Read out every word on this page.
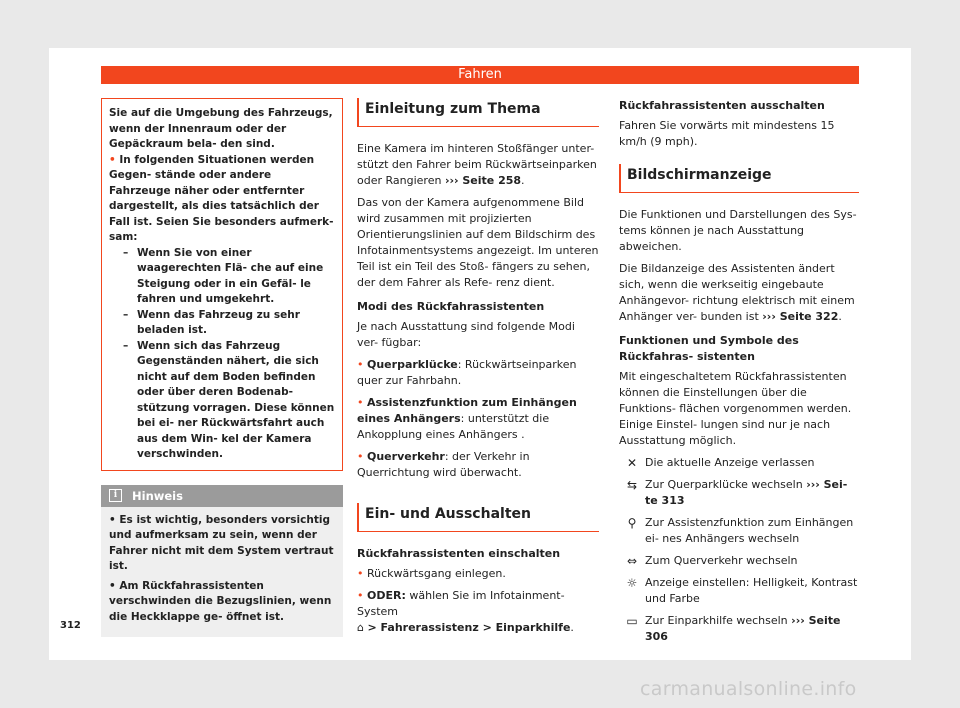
Fahren

Sie auf die Umgebung des Fahrzeugs, wenn der Innenraum oder der Gepäckraum bela- den sind.

• In folgenden Situationen werden Gegen- stände oder andere Fahrzeuge näher oder entfernter dargestellt, als dies tatsächlich der Fall ist. Seien Sie besonders aufmerk- sam:

– Wenn Sie von einer waagerechten Flä- che auf eine Steigung oder in ein Gefäl- le fahren und umgekehrt.
– Wenn das Fahrzeug zu sehr beladen ist.
– Wenn sich das Fahrzeug Gegenständen nähert, die sich nicht auf dem Boden befinden oder über deren Bodenab- stützung vorragen. Diese können bei ei- ner Rückwärtsfahrt auch aus dem Win- kel der Kamera verschwinden.
i	Hinweis

• Es ist wichtig, besonders vorsichtig und aufmerksam zu sein, wenn der Fahrer nicht mit dem System vertraut ist.

• Am Rückfahrassistenten verschwinden die Bezugslinien, wenn die Heckklappe ge- öffnet ist.

Einleitung zum Thema

Eine Kamera im hinteren Stoßfänger unter- stützt den Fahrer beim Rückwärtseinparken oder Rangieren ››› Seite 258.

Das von der Kamera aufgenommene Bild wird zusammen mit projizierten Orientierungslinien auf dem Bildschirm des Infotainmentsystems angezeigt. Im unteren Teil ist ein Teil des Stoß- fängers zu sehen, der dem Fahrer als Refe- renz dient.

Modi des Rückfahrassistenten

Je nach Ausstattung sind folgende Modi ver- fügbar:

• Querparklücke: Rückwärtseinparken quer zur Fahrbahn.

• Assistenzfunktion zum Einhängen eines Anhängers: unterstützt die Ankopplung eines Anhängers .

• Querverkehr: der Verkehr in Querrichtung wird überwacht.

Ein- und Ausschalten
Rückfahrassistenten einschalten

• Rückwärtsgang einlegen.

• ODER: wählen Sie im Infotainment-System
⌂ > Fahrerassistenz > Einparkhilfe.

Rückfahrassistenten ausschalten

Fahren Sie vorwärts mit mindestens 15 km/h (9 mph).

Bildschirmanzeige

Die Funktionen und Darstellungen des Sys- tems können je nach Ausstattung abweichen.

Die Bildanzeige des Assistenten ändert sich, wenn die werkseitig eingebaute Anhängevor- richtung elektrisch mit einem Anhänger ver- bunden ist ››› Seite 322.

Funktionen und Symbole des Rückfahras- sistenten

Mit eingeschaltetem Rückfahrassistenten können die Einstellungen über die Funktions- flächen vorgenommen werden. Einige Einstel- lungen sind nur je nach Ausstattung möglich.

✕ Die aktuelle Anzeige verlassen
⇆ Zur Querparklücke wechseln ››› Sei- te 313
⚲ Zur Assistenzfunktion zum Einhängen ei- nes Anhängers wechseln
⇔ Zum Querverkehr wechseln
☼ Anzeige einstellen: Helligkeit, Kontrast und Farbe
▭ Zur Einparkhilfe wechseln ››› Seite 306
312
carmanualsonline.info
